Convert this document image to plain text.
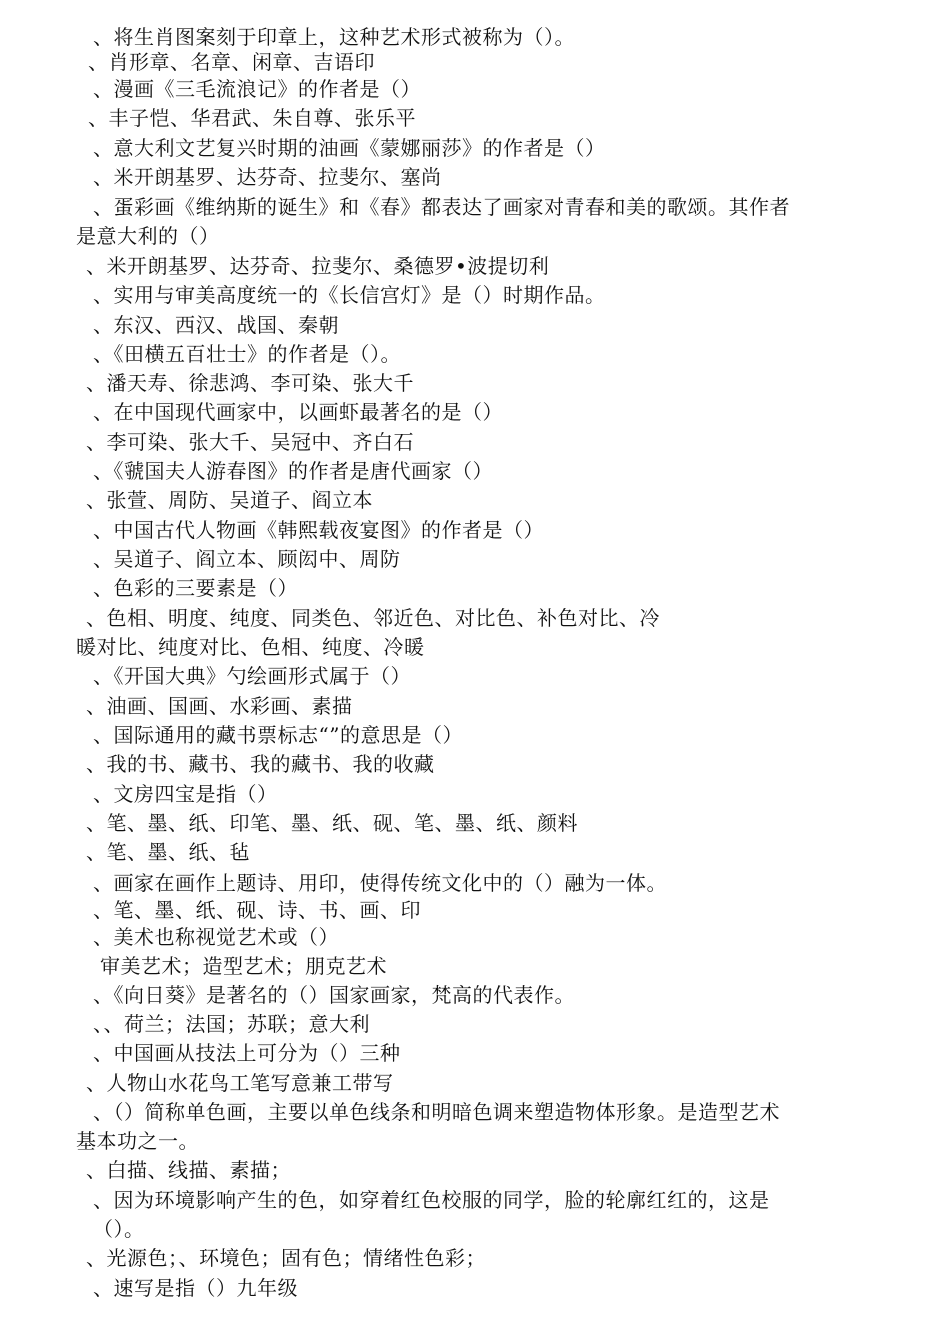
、将生肖图案刻于印章上，这种艺术形式被称为（）。
、肖形章、名章、闲章、吉语印
、漫画《三毛流浪记》的作者是（）
、丰子恺、华君武、朱自尊、张乐平
、意大利文艺复兴时期的油画《蒙娜丽莎》的作者是（）
、米开朗基罗、达芬奇、拉斐尔、塞尚
、蛋彩画《维纳斯的诞生》和《春》都表达了画家对青春和美的歌颂。其作者
是意大利的（）
、米开朗基罗、达芬奇、拉斐尔、桑德罗•波提切利
、实用与审美高度统一的《长信宫灯》是（）时期作品。
、东汉、西汉、战国、秦朝
、《田横五百壮士》的作者是（）。
、潘天寿、徐悲鸿、李可染、张大千
、在中国现代画家中，以画虾最著名的是（）
、李可染、张大千、吴冠中、齐白石
、《虢国夫人游春图》的作者是唐代画家（）
、张萱、周防、吴道子、阎立本
、中国古代人物画《韩熙载夜宴图》的作者是（）
、吴道子、阎立本、顾闳中、周防
、色彩的三要素是（）
、色相、明度、纯度、同类色、邻近色、对比色、补色对比、冷
暖对比、纯度对比、色相、纯度、冷暖
、《开国大典》勺绘画形式属于（）
、油画、国画、水彩画、素描
、国际通用的藏书票标志“”的意思是（）
、我的书、藏书、我的藏书、我的收藏
、文房四宝是指（）
、笔、墨、纸、印笔、墨、纸、砚、笔、墨、纸、颜料
、笔、墨、纸、毡
、画家在画作上题诗、用印，使得传统文化中的（）融为一体。
、笔、墨、纸、砚、诗、书、画、印
、美术也称视觉艺术或（）
审美艺术；造型艺术；朋克艺术
、《向日葵》是著名的（）国家画家，梵高的代表作。
、、荷兰；法国；苏联；意大利
、中国画从技法上可分为（）三种
、人物山水花鸟工笔写意兼工带写
、（）简称单色画，主要以单色线条和明暗色调来塑造物体形象。是造型艺术
基本功之一。
、白描、线描、素描；
、因为环境影响产生的色，如穿着红色校服的同学，脸的轮廓红红的，这是
（）。
、光源色；、环境色；固有色；情绪性色彩；
、速写是指（）九年级
